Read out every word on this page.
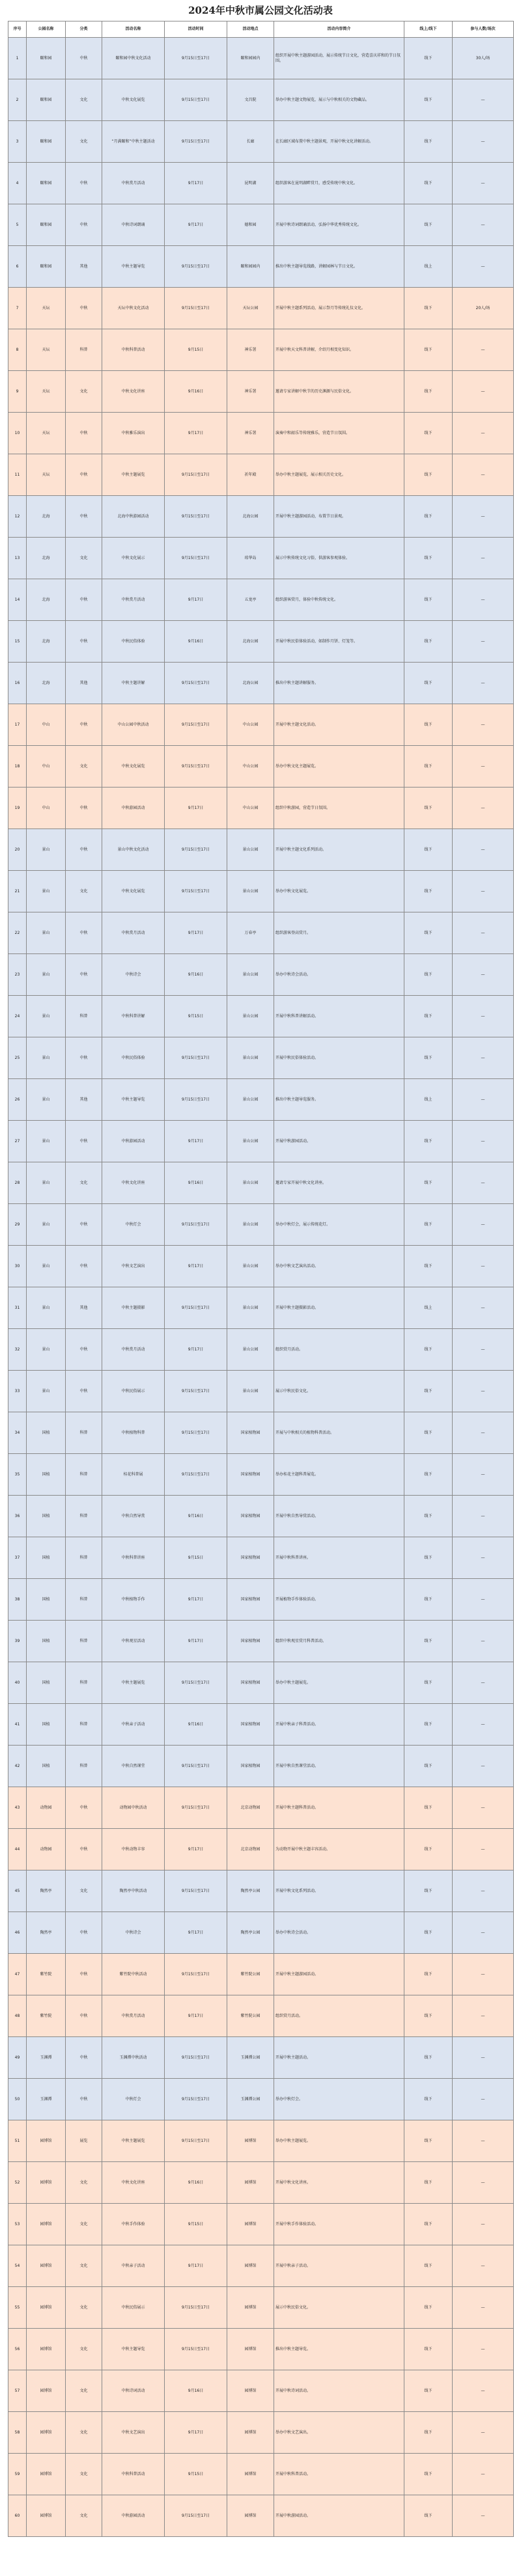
2024年中秋市属公园文化活动表
序号	公园名称	分类	活动名称	活动时间	活动地点	活动内容简介	线上/线下	参与人数/场次
1	颐和园	中秋	颐和园中秋文化活动	9月15日至17日	颐和园园内	组织开展中秋主题游园活动，展示传统节日文化，营造喜庆祥和的节日氛围。	线下	30人/场
2	颐和园	文化	中秋文化展览	9月15日至17日	文昌院	举办中秋主题文物展览，展示与中秋相关的文物藏品。	线下	—
3	颐和园	文化	“月满颐和”中秋主题活动	9月15日至17日	长廊	在长廊区域布置中秋主题景观，开展中秋文化讲解活动。	线下	—
4	颐和园	中秋	中秋赏月活动	9月17日	昆明湖	组织游客在昆明湖畔赏月，感受传统中秋文化。	线下	—
5	颐和园	中秋	中秋诗词朗诵	9月17日	德和园	开展中秋诗词朗诵活动，弘扬中华优秀传统文化。	线下	—
6	颐和园	其他	中秋主题导览	9月15日至17日	颐和园园内	推出中秋主题导览线路，讲解园林与节日文化。	线上	—
7	天坛	中秋	天坛中秋文化活动	9月15日至17日	天坛公园	开展中秋主题系列活动，展示祭月等传统礼仪文化。	线下	20人/场
8	天坛	科普	中秋科普活动	9月15日	神乐署	开展中秋天文科普讲解，介绍月相变化知识。	线下	—
9	天坛	文化	中秋文化讲座	9月16日	神乐署	邀请专家讲解中秋节的历史渊源与民俗文化。	线下	—
10	天坛	中秋	中秋雅乐演出	9月17日	神乐署	演奏中和韶乐等传统雅乐，营造节日氛围。	线下	—
11	天坛	中秋	中秋主题展览	9月15日至17日	祈年殿	举办中秋主题展览，展示相关历史文化。	线下	—
12	北海	中秋	北海中秋游园活动	9月15日至17日	北海公园	开展中秋主题游园活动，布置节日景观。	线下	—
13	北海	文化	中秋文化展示	9月15日至17日	琼华岛	展示中秋传统文化习俗，供游客参观体验。	线下	—
14	北海	中秋	中秋赏月活动	9月17日	五龙亭	组织游客赏月，体验中秋传统文化。	线下	—
15	北海	中秋	中秋民俗体验	9月16日	北海公园	开展中秋民俗体验活动，如制作月饼、灯笼等。	线下	—
16	北海	其他	中秋主题讲解	9月15日至17日	北海公园	推出中秋主题讲解服务。	线下	—
17	中山	中秋	中山公园中秋活动	9月15日至17日	中山公园	开展中秋主题文化活动。	线下	—
18	中山	文化	中秋文化展览	9月15日至17日	中山公园	举办中秋文化主题展览。	线下	—
19	中山	中秋	中秋游园活动	9月17日	中山公园	组织中秋游园，营造节日氛围。	线下	—
20	景山	中秋	景山中秋文化活动	9月15日至17日	景山公园	开展中秋主题文化系列活动。	线下	—
21	景山	文化	中秋文化展览	9月15日至17日	景山公园	举办中秋文化展览。	线下	—
22	景山	中秋	中秋赏月活动	9月17日	万春亭	组织游客登高赏月。	线下	—
23	景山	中秋	中秋诗会	9月16日	景山公园	举办中秋诗会活动。	线下	—
24	景山	科普	中秋科普讲解	9月15日	景山公园	开展中秋科普讲解活动。	线下	—
25	景山	中秋	中秋民俗体验	9月15日至17日	景山公园	开展中秋民俗体验活动。	线下	—
26	景山	其他	中秋主题导览	9月15日至17日	景山公园	推出中秋主题导览服务。	线上	—
27	景山	中秋	中秋游园活动	9月17日	景山公园	开展中秋游园活动。	线下	—
28	景山	文化	中秋文化讲座	9月16日	景山公园	邀请专家开展中秋文化讲座。	线下	—
29	景山	中秋	中秋灯会	9月15日至17日	景山公园	举办中秋灯会，展示传统花灯。	线下	—
30	景山	中秋	中秋文艺演出	9月17日	景山公园	举办中秋文艺演出活动。	线下	—
31	景山	其他	中秋主题摄影	9月15日至17日	景山公园	开展中秋主题摄影活动。	线上	—
32	景山	中秋	中秋赏月活动	9月17日	景山公园	组织赏月活动。	线下	—
33	景山	中秋	中秋民俗展示	9月15日至17日	景山公园	展示中秋民俗文化。	线下	—
34	国植	科普	中秋植物科普	9月15日至17日	国家植物园	开展与中秋相关的植物科普活动。	线下	—
35	国植	科普	桂花科普展	9月15日至17日	国家植物园	举办桂花主题科普展览。	线下	—
36	国植	科普	中秋自然导赏	9月16日	国家植物园	开展中秋自然导赏活动。	线下	—
37	国植	科普	中秋科普讲座	9月15日	国家植物园	开展中秋科普讲座。	线下	—
38	国植	科普	中秋植物手作	9月17日	国家植物园	开展植物手作体验活动。	线下	—
39	国植	科普	中秋观星活动	9月17日	国家植物园	组织中秋观星赏月科普活动。	线下	—
40	国植	科普	中秋主题展览	9月15日至17日	国家植物园	举办中秋主题展览。	线下	—
41	国植	科普	中秋亲子活动	9月16日	国家植物园	开展中秋亲子科普活动。	线下	—
42	国植	科普	中秋自然课堂	9月15日至17日	国家植物园	开展中秋自然课堂活动。	线下	—
43	动物园	中秋	动物园中秋活动	9月15日至17日	北京动物园	开展中秋主题科普活动。	线下	—
44	动物园	中秋	中秋动物丰容	9月17日	北京动物园	为动物开展中秋主题丰容活动。	线下	—
45	陶然亭	文化	陶然亭中秋活动	9月15日至17日	陶然亭公园	开展中秋文化系列活动。	线下	—
46	陶然亭	中秋	中秋诗会	9月17日	陶然亭公园	举办中秋诗会活动。	线下	—
47	紫竹院	中秋	紫竹院中秋活动	9月15日至17日	紫竹院公园	开展中秋主题游园活动。	线下	—
48	紫竹院	中秋	中秋赏月活动	9月17日	紫竹院公园	组织赏月活动。	线下	—
49	玉渊潭	中秋	玉渊潭中秋活动	9月15日至17日	玉渊潭公园	开展中秋主题活动。	线下	—
50	玉渊潭	中秋	中秋灯会	9月15日至17日	玉渊潭公园	举办中秋灯会。	线下	—
51	园博馆	展览	中秋主题展览	9月15日至17日	园博馆	举办中秋主题展览。	线下	—
52	园博馆	文化	中秋文化讲座	9月16日	园博馆	开展中秋文化讲座。	线下	—
53	园博馆	文化	中秋手作体验	9月15日	园博馆	开展中秋手作体验活动。	线下	—
54	园博馆	文化	中秋亲子活动	9月17日	园博馆	开展中秋亲子活动。	线下	—
55	园博馆	文化	中秋民俗展示	9月15日至17日	园博馆	展示中秋民俗文化。	线下	—
56	园博馆	文化	中秋主题导览	9月15日至17日	园博馆	推出中秋主题导览。	线下	—
57	园博馆	文化	中秋诗词活动	9月16日	园博馆	开展中秋诗词活动。	线下	—
58	园博馆	文化	中秋文艺演出	9月17日	园博馆	举办中秋文艺演出。	线下	—
59	园博馆	文化	中秋科普活动	9月15日	园博馆	开展中秋科普活动。	线下	—
60	园博馆	文化	中秋游园活动	9月15日至17日	园博馆	开展中秋游园活动。	线下	—
